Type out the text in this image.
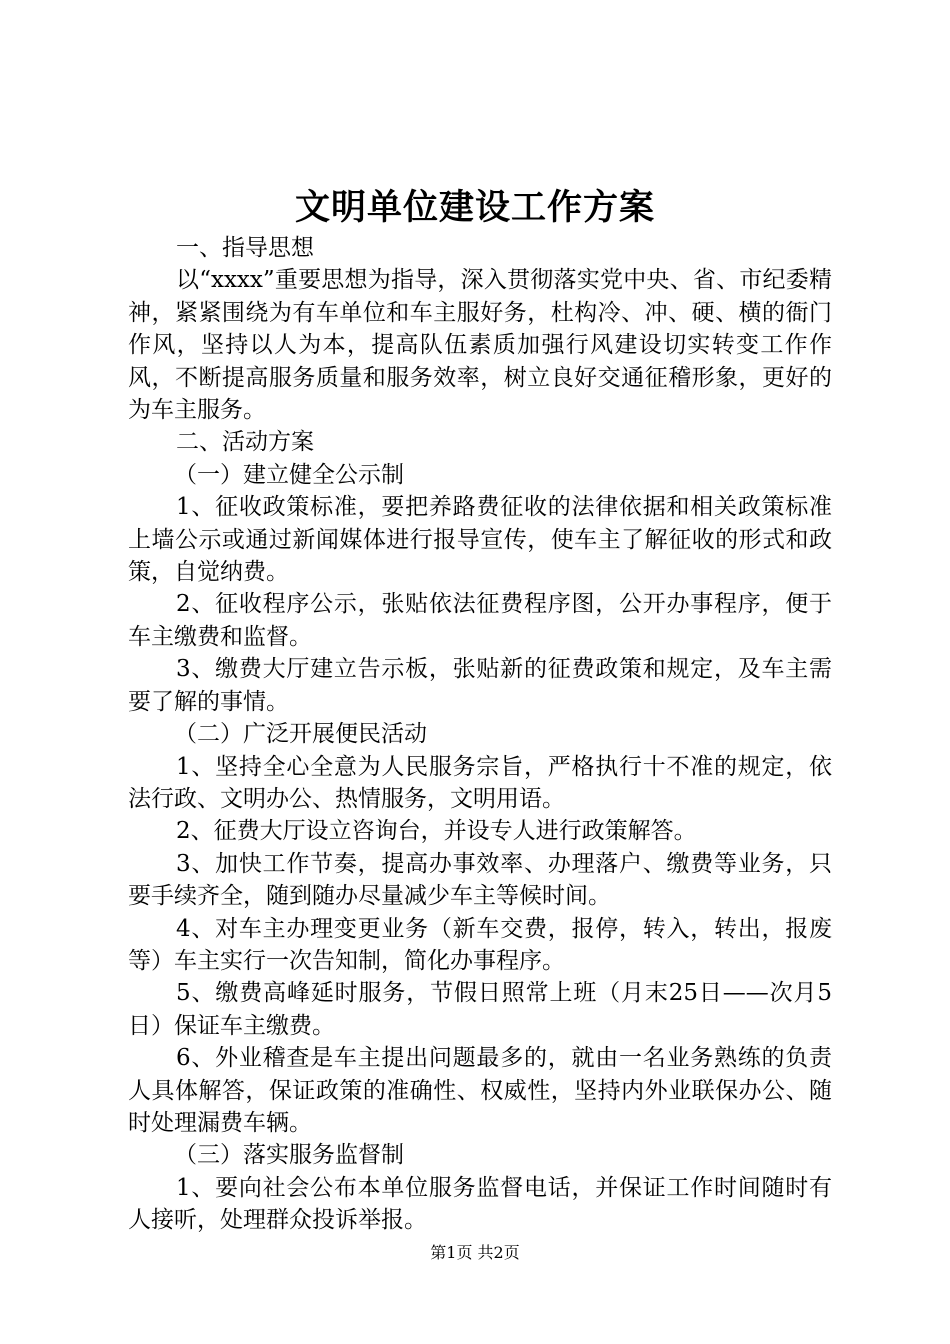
文明单位建设工作方案

一、指导思想

以“xxxx”重要思想为指导，深入贯彻落实党中央、省、市纪委精神，紧紧围绕为有车单位和车主服好务，杜构冷、冲、硬、横的衙门作风，坚持以人为本，提高队伍素质加强行风建设切实转变工作作风，不断提高服务质量和服务效率，树立良好交通征稽形象，更好的为车主服务。

二、活动方案

（一）建立健全公示制

1、征收政策标准，要把养路费征收的法律依据和相关政策标准上墙公示或通过新闻媒体进行报导宣传，使车主了解征收的形式和政策，自觉纳费。

2、征收程序公示，张贴依法征费程序图，公开办事程序，便于车主缴费和监督。

3、缴费大厅建立告示板，张贴新的征费政策和规定，及车主需要了解的事情。

（二）广泛开展便民活动

1、坚持全心全意为人民服务宗旨，严格执行十不准的规定，依法行政、文明办公、热情服务，文明用语。

2、征费大厅设立咨询台，并设专人进行政策解答。

3、加快工作节奏，提高办事效率、办理落户、缴费等业务，只要手续齐全，随到随办尽量减少车主等候时间。

4、对车主办理变更业务（新车交费，报停，转入，转出，报废等）车主实行一次告知制，简化办事程序。

5、缴费高峰延时服务，节假日照常上班（月末25日——次月5日）保证车主缴费。

6、外业稽查是车主提出问题最多的，就由一名业务熟练的负责人具体解答，保证政策的准确性、权威性，坚持内外业联保办公、随时处理漏费车辆。

（三）落实服务监督制

1、要向社会公布本单位服务监督电话，并保证工作时间随时有人接听，处理群众投诉举报。

第1页 共2页
